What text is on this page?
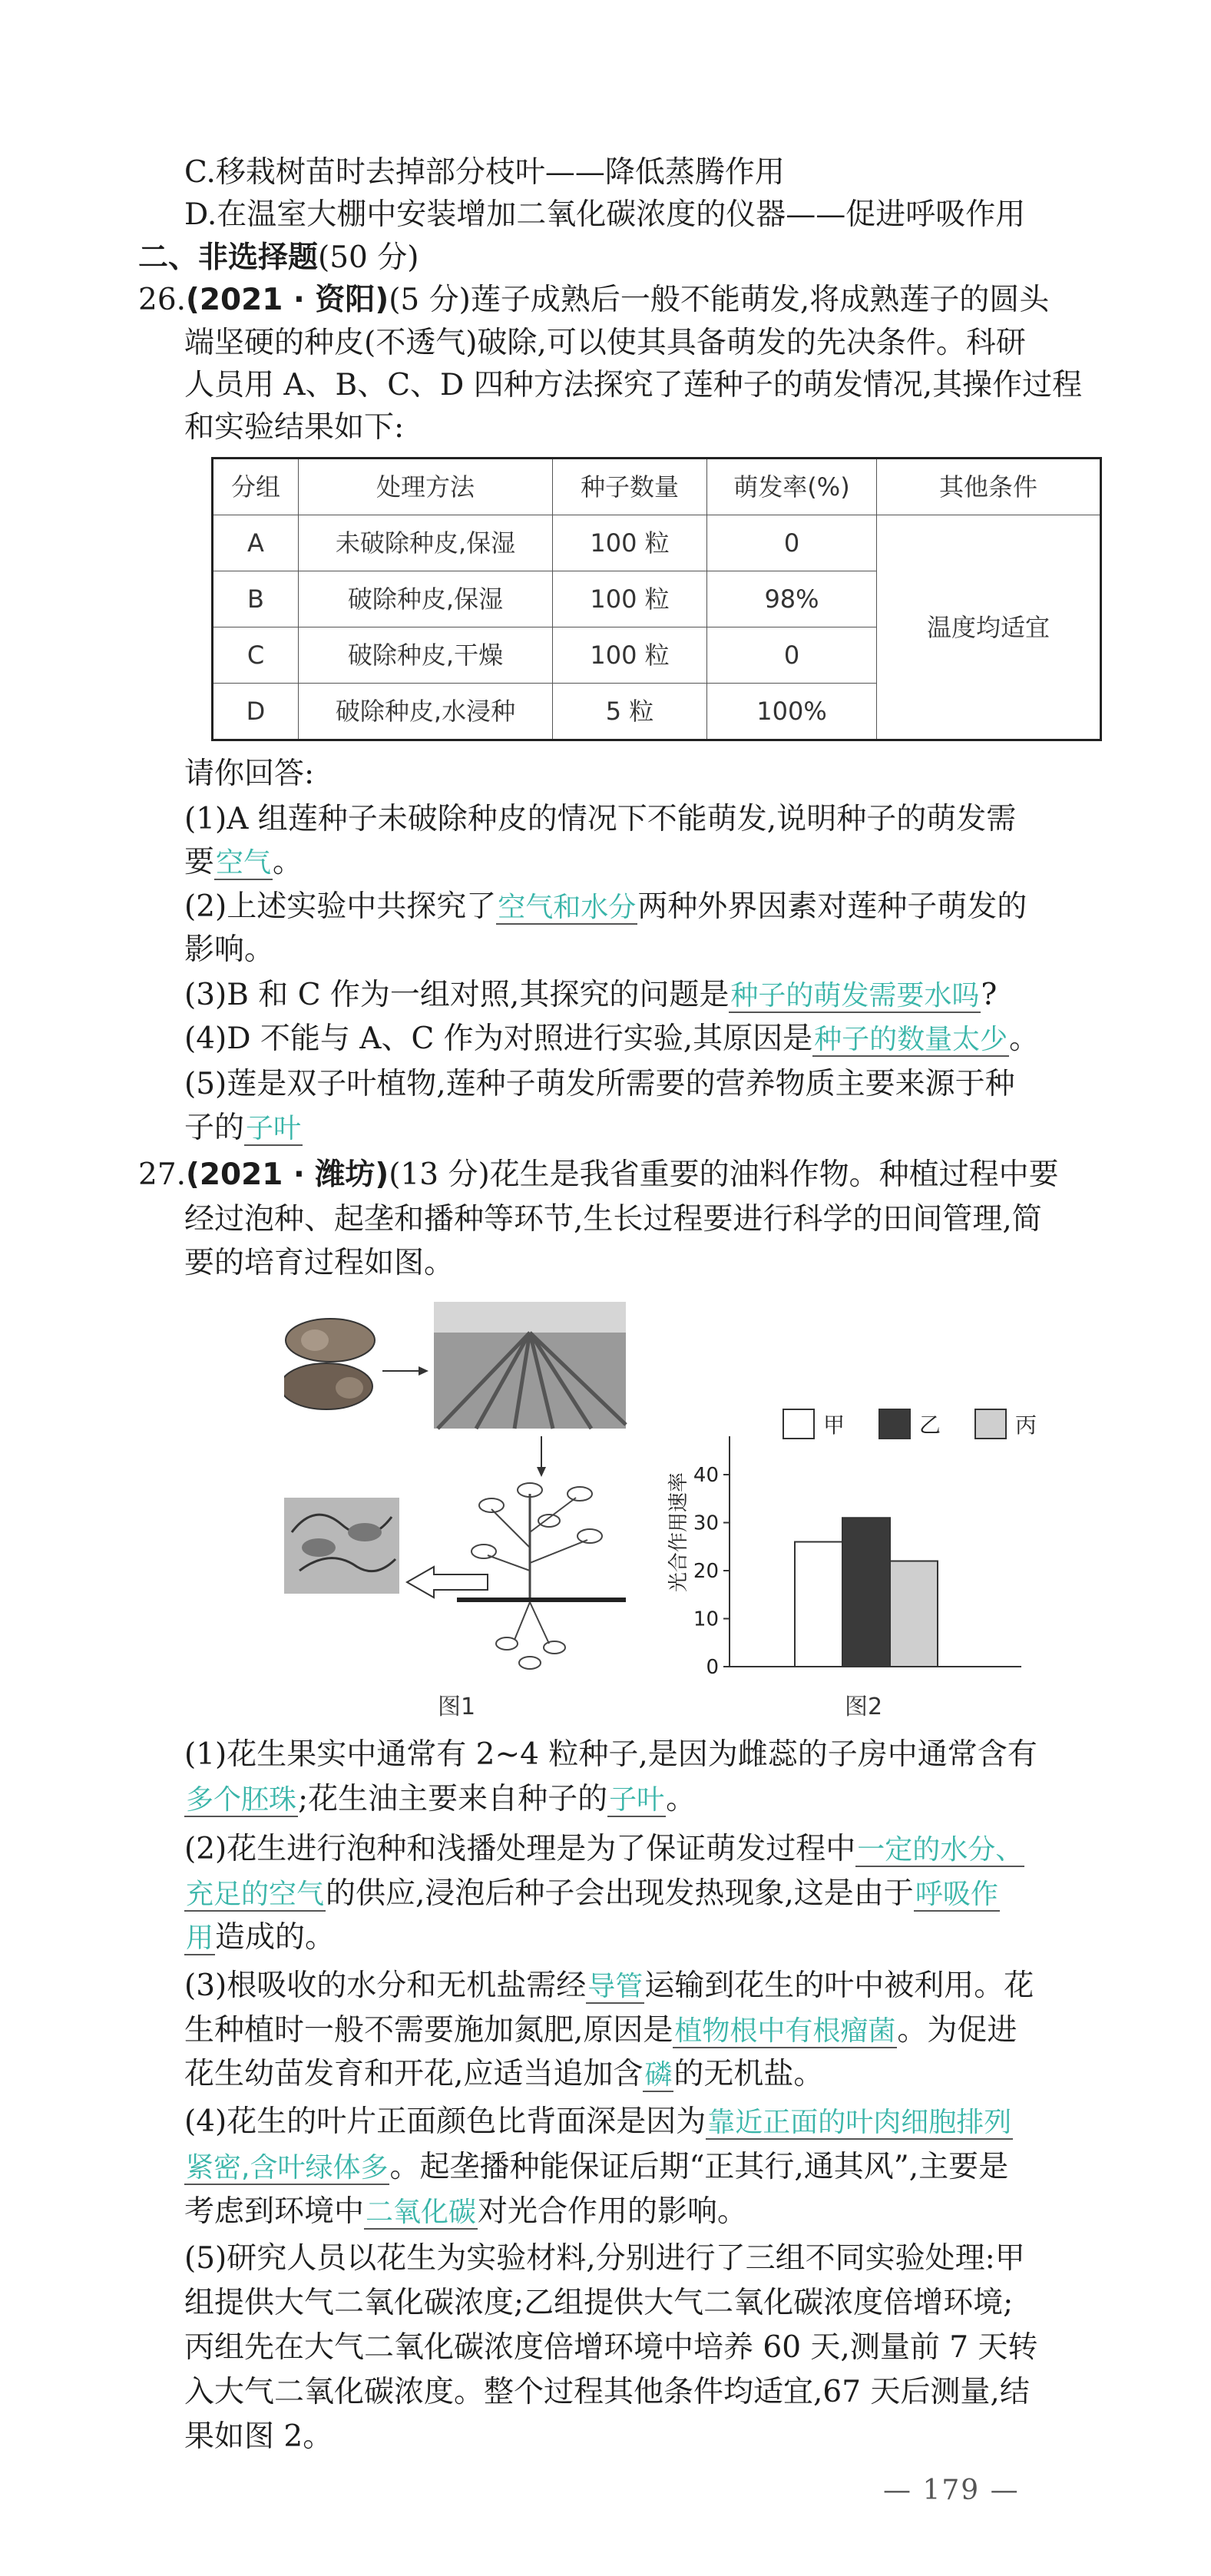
C.移栽树苗时去掉部分枝叶——降低蒸腾作用
D.在温室大棚中安装增加二氧化碳浓度的仪器——促进呼吸作用
二、非选择题(50 分)
26.(2021 · 资阳)(5 分)莲子成熟后一般不能萌发,将成熟莲子的圆头
端坚硬的种皮(不透气)破除,可以使其具备萌发的先决条件。科研
人员用 A、B、C、D 四种方法探究了莲种子的萌发情况,其操作过程
和实验结果如下:
分组	处理方法	种子数量	萌发率(%)	其他条件
A	未破除种皮,保湿	100 粒	0	温度均适宜
B	破除种皮,保湿	100 粒	98%	
C	破除种皮,干燥	100 粒	0	
D	破除种皮,水浸种	5 粒	100%	
请你回答:
(1)A 组莲种子未破除种皮的情况下不能萌发,说明种子的萌发需
要空气。
(2)上述实验中共探究了空气和水分两种外界因素对莲种子萌发的
影响。
(3)B 和 C 作为一组对照,其探究的问题是种子的萌发需要水吗?
(4)D 不能与 A、C 作为对照进行实验,其原因是种子的数量太少。
(5)莲是双子叶植物,莲种子萌发所需要的营养物质主要来源于种
子的子叶
27.(2021 · 潍坊)(13 分)花生是我省重要的油料作物。种植过程中要
经过泡种、起垄和播种等环节,生长过程要进行科学的田间管理,简
要的培育过程如图。
图1
光合作用速率
0
10
20
30
40
甲	乙	丙
图2
(1)花生果实中通常有 2~4 粒种子,是因为雌蕊的子房中通常含有
多个胚珠;花生油主要来自种子的子叶。
(2)花生进行泡种和浅播处理是为了保证萌发过程中一定的水分、
充足的空气的供应,浸泡后种子会出现发热现象,这是由于呼吸作
用造成的。
(3)根吸收的水分和无机盐需经导管运输到花生的叶中被利用。花
生种植时一般不需要施加氮肥,原因是植物根中有根瘤菌。为促进
花生幼苗发育和开花,应适当追加含磷的无机盐。
(4)花生的叶片正面颜色比背面深是因为靠近正面的叶肉细胞排列
紧密,含叶绿体多。起垄播种能保证后期“正其行,通其风”,主要是
考虑到环境中二氧化碳对光合作用的影响。
(5)研究人员以花生为实验材料,分别进行了三组不同实验处理:甲
组提供大气二氧化碳浓度;乙组提供大气二氧化碳浓度倍增环境;
丙组先在大气二氧化碳浓度倍增环境中培养 60 天,测量前 7 天转
入大气二氧化碳浓度。整个过程其他条件均适宜,67 天后测量,结
果如图 2。
— 179 —
